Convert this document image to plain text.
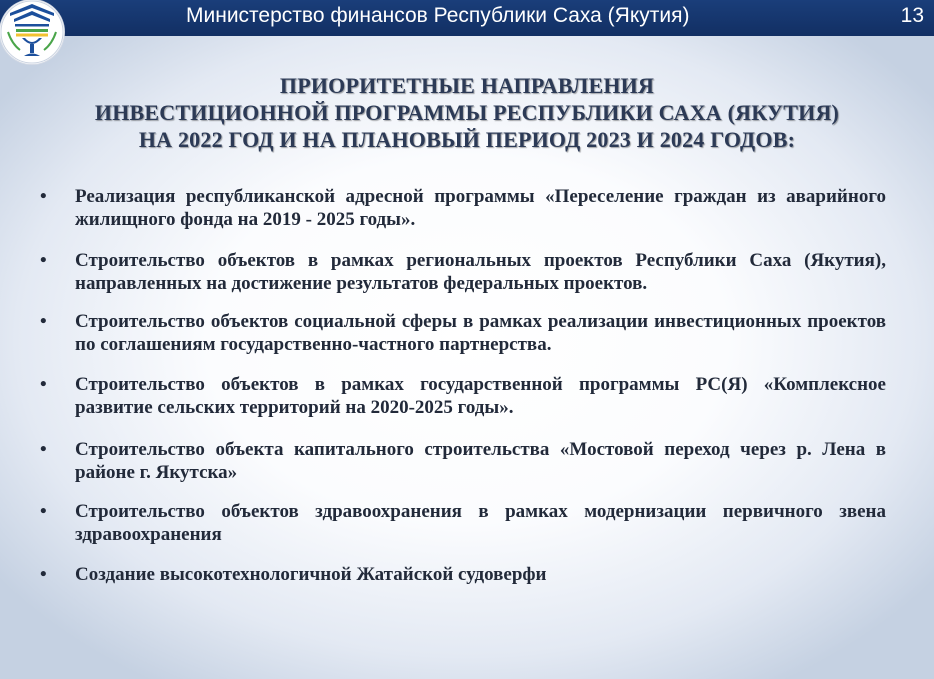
Министерство финансов Республики Саха (Якутия)	13
ПРИОРИТЕТНЫЕ НАПРАВЛЕНИЯ
ИНВЕСТИЦИОННОЙ ПРОГРАММЫ РЕСПУБЛИКИ САХА (ЯКУТИЯ)
НА 2022 ГОД И НА ПЛАНОВЫЙ ПЕРИОД 2023 И 2024 ГОДОВ:
• Реализация республиканской адресной программы «Переселение граждан из аварийного жилищного фонда на 2019 - 2025 годы».
• Строительство объектов в рамках региональных проектов Республики Саха (Якутия), направленных на достижение результатов федеральных проектов.
• Строительство объектов социальной сферы в рамках реализации инвестиционных проектов по соглашениям государственно-частного партнерства.
• Строительство объектов в рамках государственной программы РС(Я) «Комплексное развитие сельских территорий на 2020-2025 годы».
• Строительство объекта капитального строительства «Мостовой переход через р. Лена в районе г. Якутска»
• Строительство объектов здравоохранения в рамках модернизации первичного звена здравоохранения
• Создание высокотехнологичной Жатайской судоверфи
